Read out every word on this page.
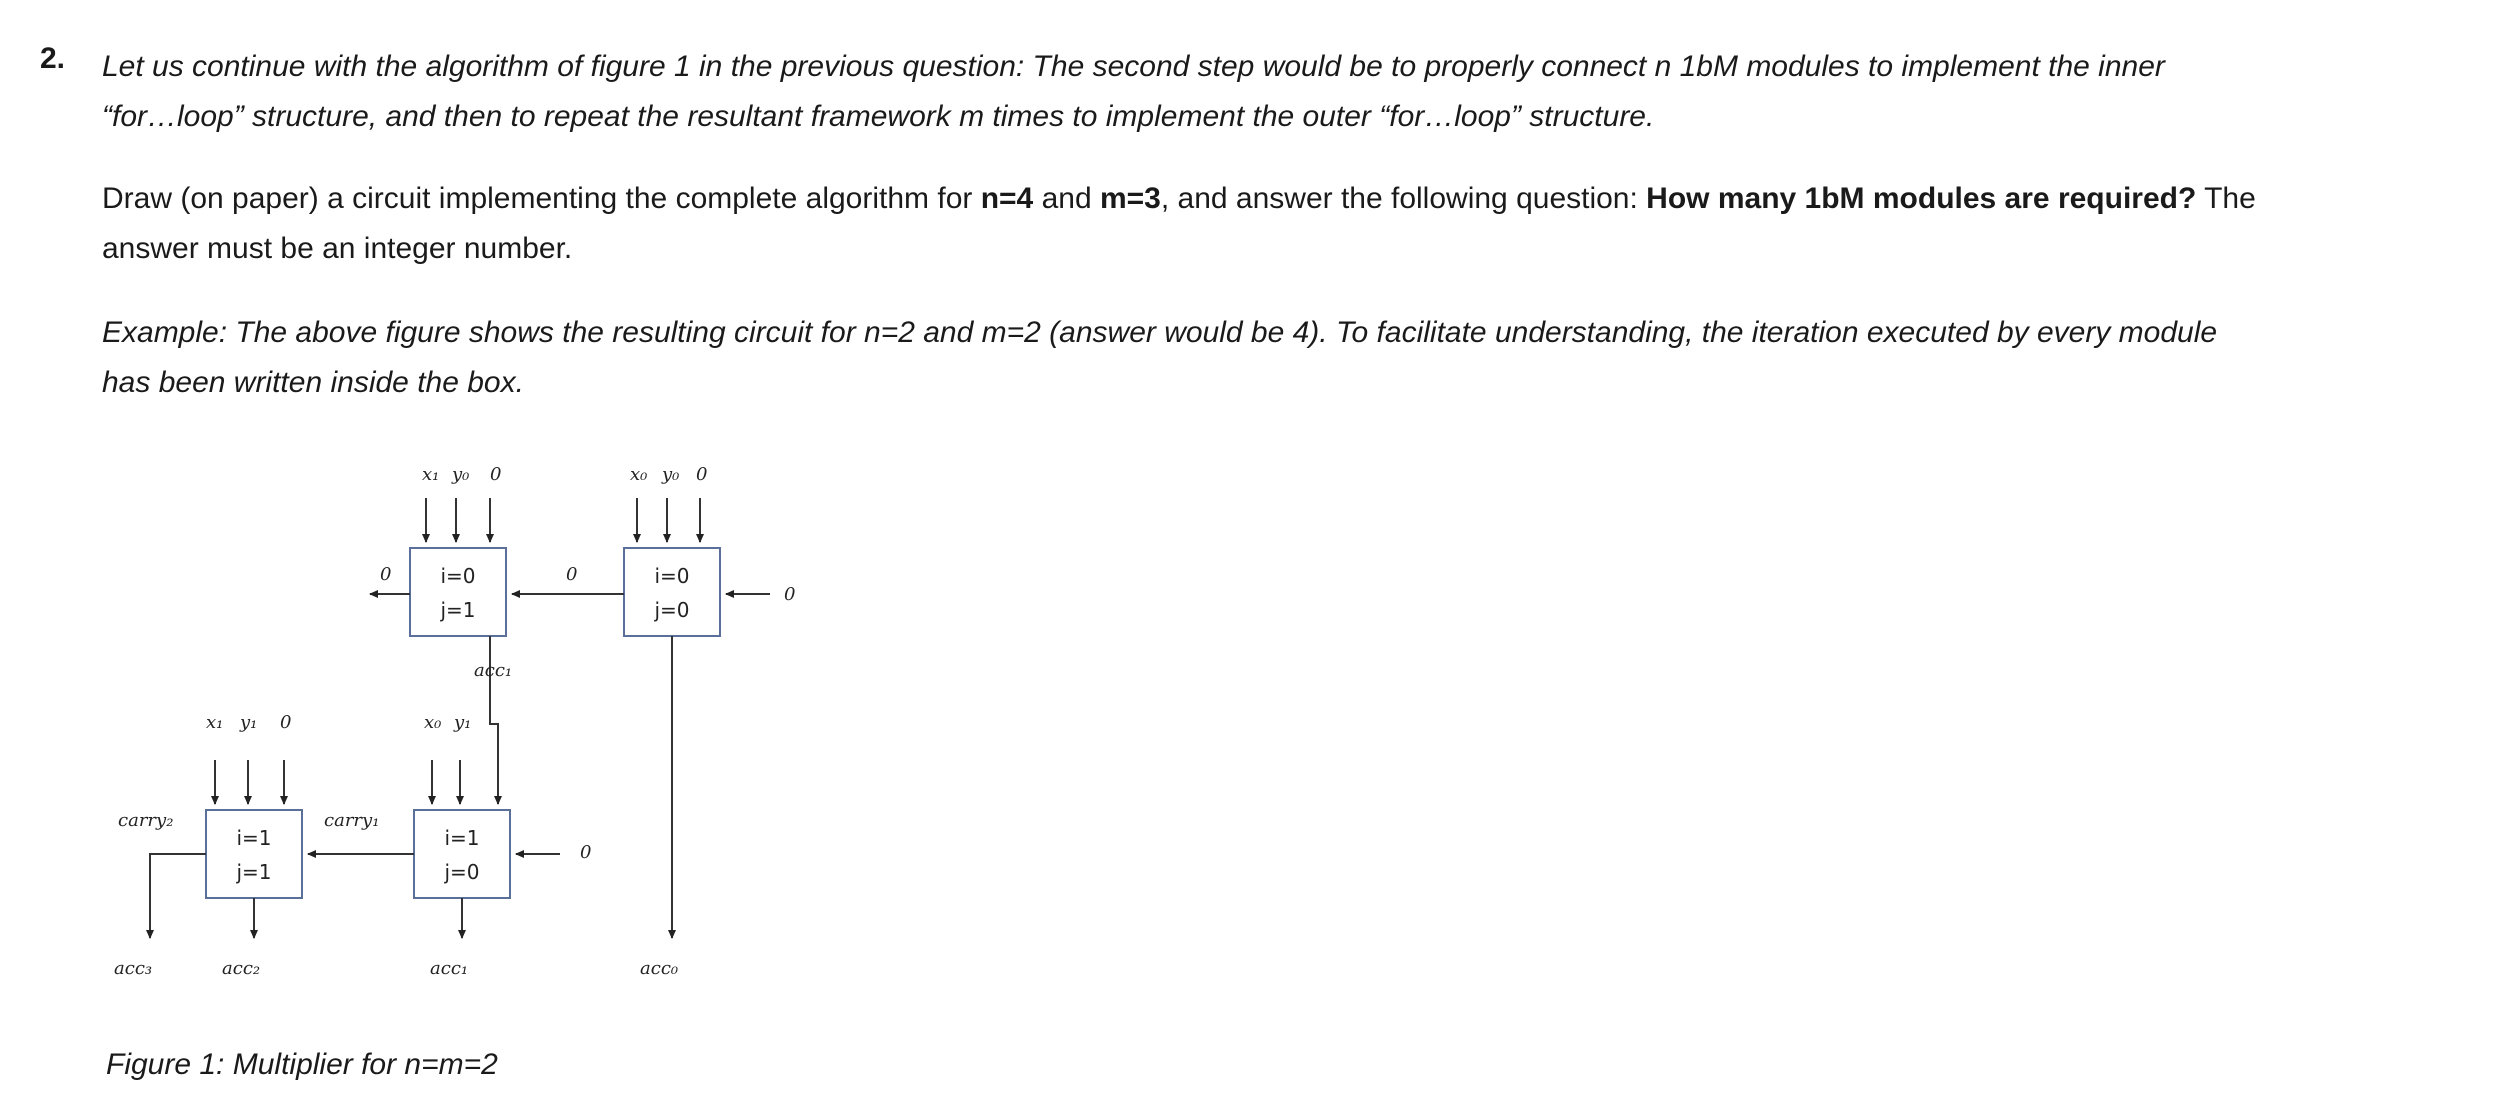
2. Let us continue with the algorithm of figure 1 in the previous question: The second step would be to properly connect n 1bM modules to implement the inner
“for…loop” structure, and then to repeat the resultant framework m times to implement the outer “for…loop” structure.
Draw (on paper) a circuit implementing the complete algorithm for n=4 and m=3, and answer the following question: How many 1bM modules are required? The
answer must be an integer number.
Example: The above figure shows the resulting circuit for n=2 and m=2 (answer would be 4). To facilitate understanding, the iteration executed by every module
has been written inside the box.
i=0
j=1
i=0
j=0
i=1
j=1
i=1
j=0
x₁ y₀ 0	x₀ y₀ 0
x₁ y₁ 0	x₀ y₁
0	0
0
0
acc₁
carry₂	carry₁
acc₃	acc₂	acc₁	acc₀
Figure 1: Multiplier for n=m=2
